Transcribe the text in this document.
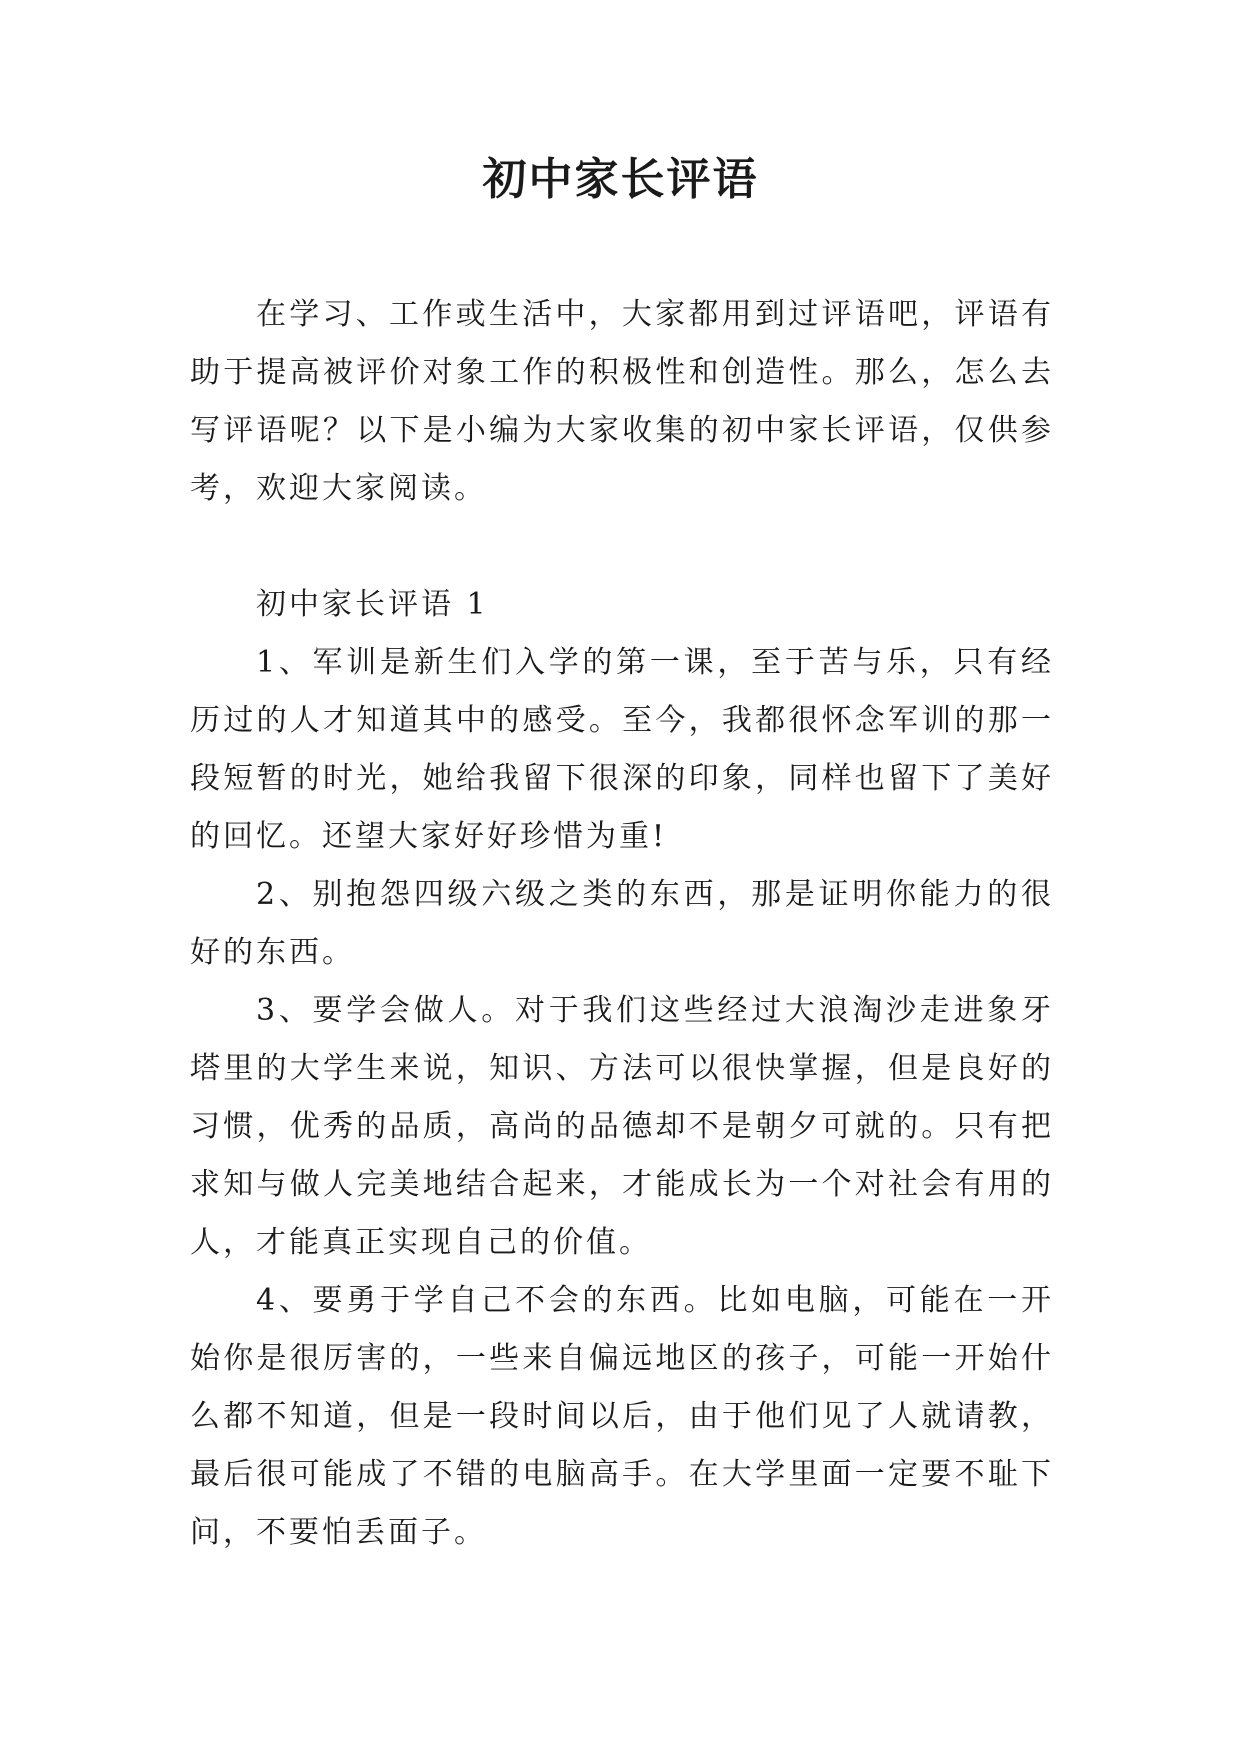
初中家长评语

在学习、工作或生活中，大家都用到过评语吧，评语有助于提高被评价对象工作的积极性和创造性。那么，怎么去写评语呢？以下是小编为大家收集的初中家长评语，仅供参考，欢迎大家阅读。

初中家长评语 1

1、军训是新生们入学的第一课，至于苦与乐，只有经历过的人才知道其中的感受。至今，我都很怀念军训的那一段短暂的时光，她给我留下很深的印象，同样也留下了美好的回忆。还望大家好好珍惜为重!

2、别抱怨四级六级之类的东西，那是证明你能力的很好的东西。

3、要学会做人。对于我们这些经过大浪淘沙走进象牙塔里的大学生来说，知识、方法可以很快掌握，但是良好的习惯，优秀的品质，高尚的品德却不是朝夕可就的。只有把求知与做人完美地结合起来，才能成长为一个对社会有用的人，才能真正实现自己的价值。

4、要勇于学自己不会的东西。比如电脑，可能在一开始你是很厉害的，一些来自偏远地区的孩子，可能一开始什么都不知道，但是一段时间以后，由于他们见了人就请教，最后很可能成了不错的电脑高手。在大学里面一定要不耻下问，不要怕丢面子。
